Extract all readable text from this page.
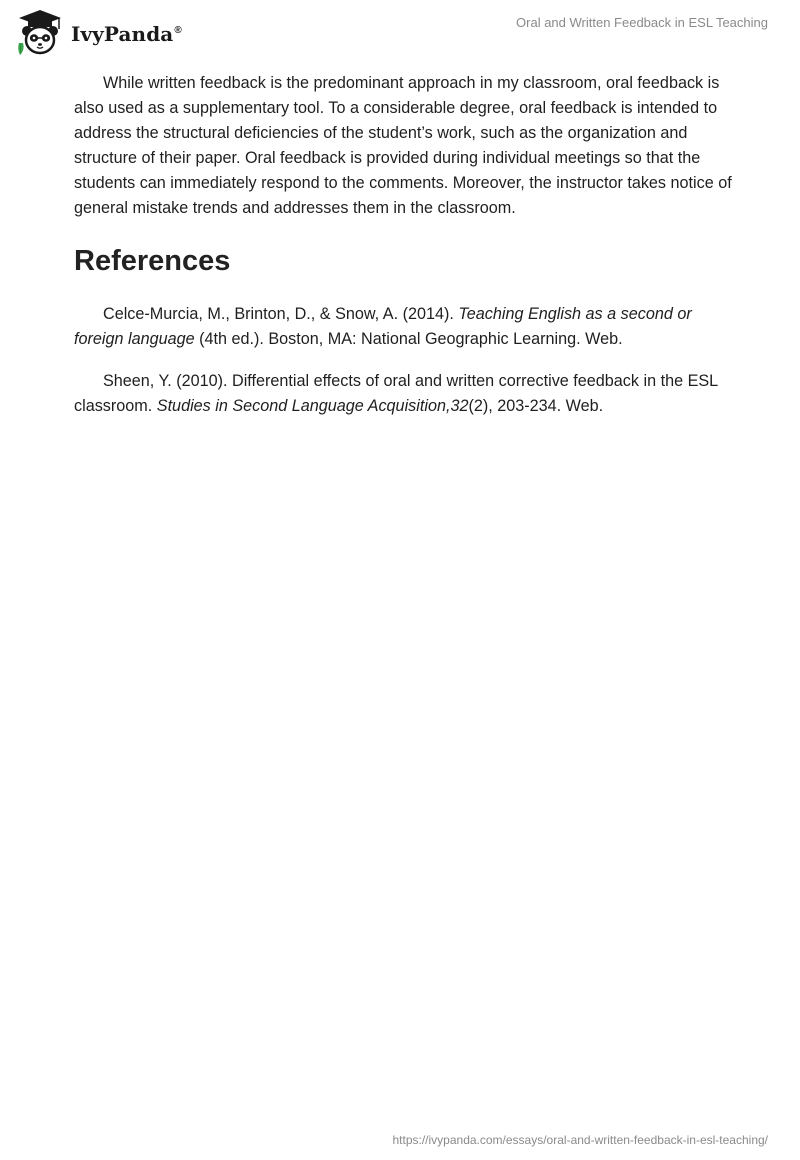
IvyPanda®
Oral and Written Feedback in ESL Teaching

While written feedback is the predominant approach in my classroom, oral feedback is also used as a supplementary tool. To a considerable degree, oral feedback is intended to address the structural deficiencies of the student’s work, such as the organization and structure of their paper. Oral feedback is provided during individual meetings so that the students can immediately respond to the comments. Moreover, the instructor takes notice of general mistake trends and addresses them in the classroom.

References

Celce-Murcia, M., Brinton, D., & Snow, A. (2014). Teaching English as a second or foreign language (4th ed.). Boston, MA: National Geographic Learning. Web.

Sheen, Y. (2010). Differential effects of oral and written corrective feedback in the ESL classroom. Studies in Second Language Acquisition,32(2), 203-234. Web.

https://ivypanda.com/essays/oral-and-written-feedback-in-esl-teaching/
